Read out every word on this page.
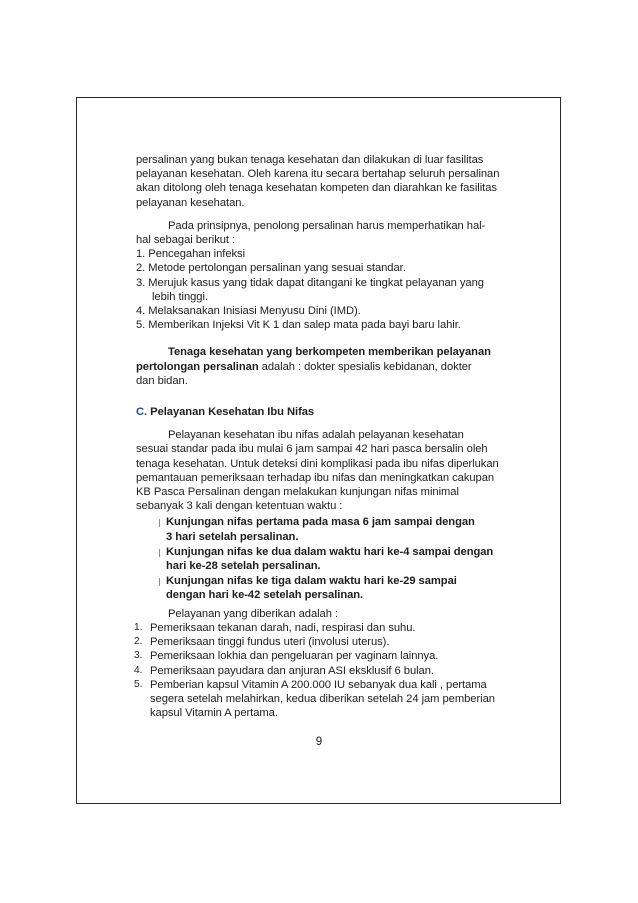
persalinan yang bukan tenaga kesehatan dan dilakukan di luar fasilitas
pelayanan kesehatan. Oleh karena itu secara bertahap seluruh persalinan
akan ditolong oleh tenaga kesehatan kompeten dan diarahkan ke fasilitas
pelayanan kesehatan.

Pada prinsipnya, penolong persalinan harus memperhatikan hal-
hal sebagai berikut :

1. Pencegahan infeksi
2. Metode pertolongan persalinan yang sesuai standar.
3. Merujuk kasus yang tidak dapat ditangani ke tingkat pelayanan yang
lebih tinggi.
4. Melaksanakan Inisiasi Menyusu Dini (IMD).
5. Memberikan Injeksi Vit K 1 dan salep mata pada bayi baru lahir.

Tenaga kesehatan yang berkompeten memberikan pelayanan
pertolongan persalinan adalah : dokter spesialis kebidanan, dokter
dan bidan.

C. Pelayanan Kesehatan Ibu Nifas

Pelayanan kesehatan ibu nifas adalah pelayanan kesehatan
sesuai standar pada ibu mulai 6 jam sampai 42 hari pasca bersalin oleh
tenaga kesehatan. Untuk deteksi dini komplikasi pada ibu nifas diperlukan
pemantauan pemeriksaan terhadap ibu nifas dan meningkatkan cakupan
KB Pasca Persalinan dengan melakukan kunjungan nifas minimal
sebanyak 3 kali dengan ketentuan waktu :

❘ Kunjungan nifas pertama pada masa 6 jam sampai dengan
3 hari setelah persalinan.
❘ Kunjungan nifas ke dua dalam waktu hari ke-4 sampai dengan
hari ke-28 setelah persalinan.
❘ Kunjungan nifas ke tiga dalam waktu hari ke-29 sampai
dengan hari ke-42 setelah persalinan.

Pelayanan yang diberikan adalah :

1. Pemeriksaan tekanan darah, nadi, respirasi dan suhu.
2. Pemeriksaan tinggi fundus uteri (involusi uterus).
3. Pemeriksaan lokhia dan pengeluaran per vaginam lainnya.
4. Pemeriksaan payudara dan anjuran ASI eksklusif 6 bulan.
5. Pemberian kapsul Vitamin A 200.000 IU sebanyak dua kali , pertama
segera setelah melahirkan, kedua diberikan setelah 24 jam pemberian
kapsul Vitamin A pertama.
9
